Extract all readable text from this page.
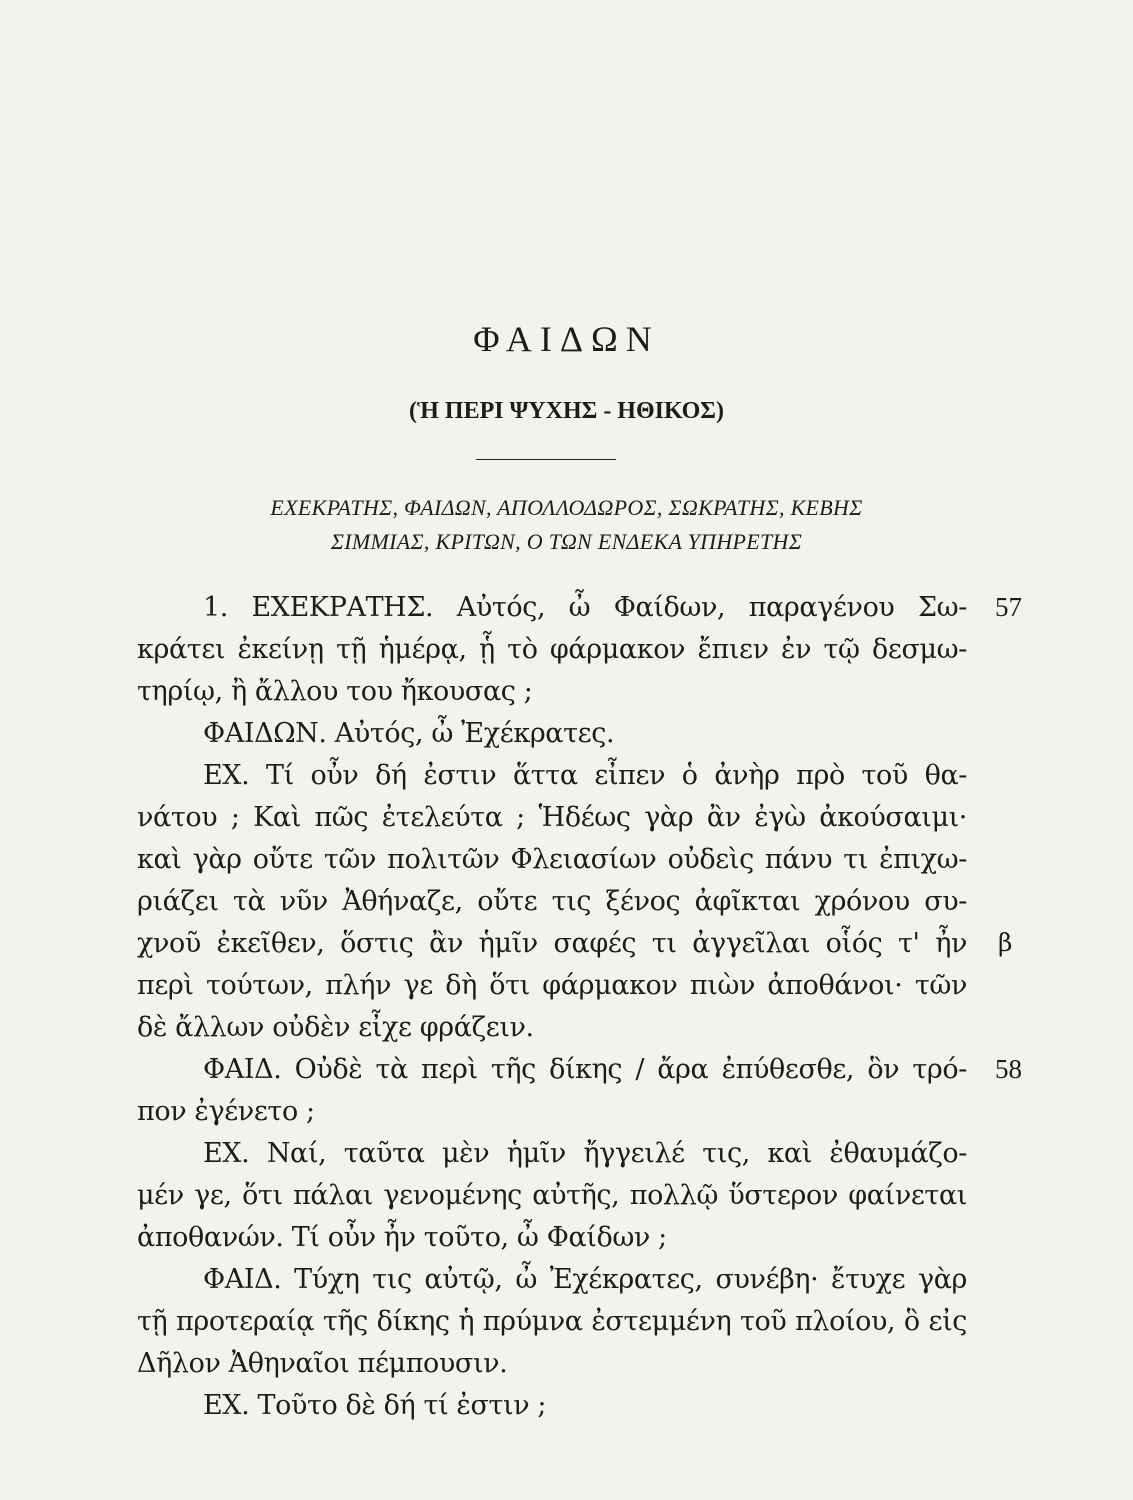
ΦΑΙΔΩΝ
(Ἡ ΠΕΡΙ ΨΥΧΗΣ - ΗΘΙΚΟΣ)
ΕΧΕΚΡΑΤΗΣ, ΦΑΙΔΩΝ, ΑΠΟΛΛΟΔΩΡΟΣ, ΣΩΚΡΑΤΗΣ, ΚΕΒΗΣ
ΣΙΜΜΙΑΣ, ΚΡΙΤΩΝ, Ο ΤΩΝ ΕΝΔΕΚΑ ΥΠΗΡΕΤΗΣ
1. ΕΧΕΚΡΑΤΗΣ. Αὐτός, ὦ Φαίδων, παραγένου Σω-
κράτει ἐκείνῃ τῇ ἡμέρᾳ, ᾗ τὸ φάρμακον ἔπιεν ἐν τῷ δεσμω-
τηρίῳ, ἢ ἄλλου του ἤκουσας ;
ΦΑΙΔΩΝ. Αὐτός, ὦ Ἐχέκρατες.
ΕΧ. Τί οὖν δή ἐστιν ἅττα εἶπεν ὁ ἀνὴρ πρὸ τοῦ θα-
νάτου ; Καὶ πῶς ἐτελεύτα ; Ἡδέως γὰρ ἂν ἐγὼ ἀκούσαιμι·
καὶ γὰρ οὔτε τῶν πολιτῶν Φλειασίων οὐδεὶς πάνυ τι ἐπιχω-
ριάζει τὰ νῦν Ἀθήναζε, οὔτε τις ξένος ἀφῖκται χρόνου συ-
χνοῦ ἐκεῖθεν, ὅστις ἂν ἡμῖν σαφές τι ἀγγεῖλαι οἷός τ' ἦν
περὶ τούτων, πλήν γε δὴ ὅτι φάρμακον πιὼν ἀποθάνοι· τῶν
δὲ ἄλλων οὐδὲν εἶχε φράζειν.
ΦΑΙΔ. Οὐδὲ τὰ περὶ τῆς δίκης / ἄρα ἐπύθεσθε, ὃν τρό-
πον ἐγένετο ;
ΕΧ. Ναί, ταῦτα μὲν ἡμῖν ἤγγειλέ τις, καὶ ἐθαυμάζο-
μέν γε, ὅτι πάλαι γενομένης αὐτῆς, πολλῷ ὕστερον φαίνεται
ἀποθανών. Τί οὖν ἦν τοῦτο, ὦ Φαίδων ;
ΦΑΙΔ. Τύχη τις αὐτῷ, ὦ Ἐχέκρατες, συνέβη· ἔτυχε γὰρ
τῇ προτεραίᾳ τῆς δίκης ἡ πρύμνα ἐστεμμένη τοῦ πλοίου, ὃ εἰς
Δῆλον Ἀθηναῖοι πέμπουσιν.
ΕΧ. Τοῦτο δὲ δή τί ἐστιν ;
57
β
58
